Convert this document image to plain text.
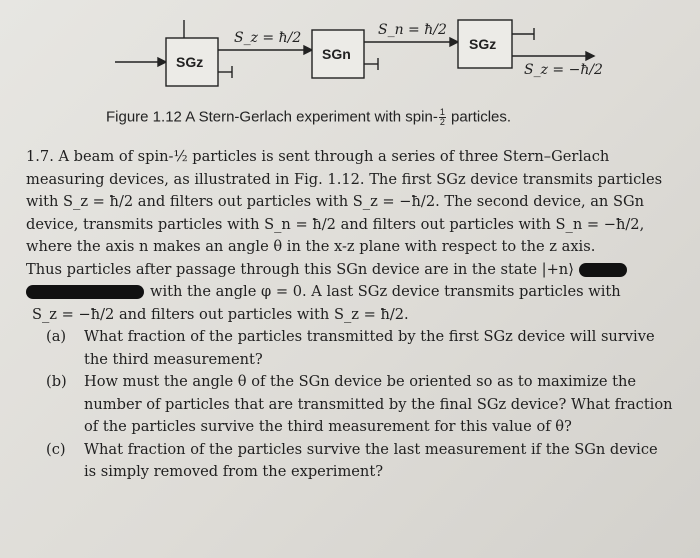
SGz	SGn
SGz
S_z = ħ/2	S_n = ħ/2
S_z = −ħ/2
Figure 1.12 A Stern-Gerlach experiment with spin- $\frac{1}{2}$ particles.
1.7. A beam of spin-½ particles is sent through a series of three Stern–Gerlach
measuring devices, as illustrated in Fig. 1.12. The first SGz device transmits particles
with S_z = ħ/2 and filters out particles with S_z = −ħ/2. The second device, an SGn
device, transmits particles with S_n = ħ/2 and filters out particles with S_n = −ħ/2,
where the axis n makes an angle θ in the x-z plane with respect to the z axis.
Thus particles after passage through this SGn device are in the state |+n⟩
with the angle φ = 0. A last SGz device transmits particles with
S_z = −ħ/2 and filters out particles with S_z = ħ/2.
(a) What fraction of the particles transmitted by the first SGz device will survive
the third measurement?
(b) How must the angle θ of the SGn device be oriented so as to maximize the
number of particles that are transmitted by the final SGz device? What fraction
of the particles survive the third measurement for this value of θ?
(c) What fraction of the particles survive the last measurement if the SGn device
is simply removed from the experiment?
